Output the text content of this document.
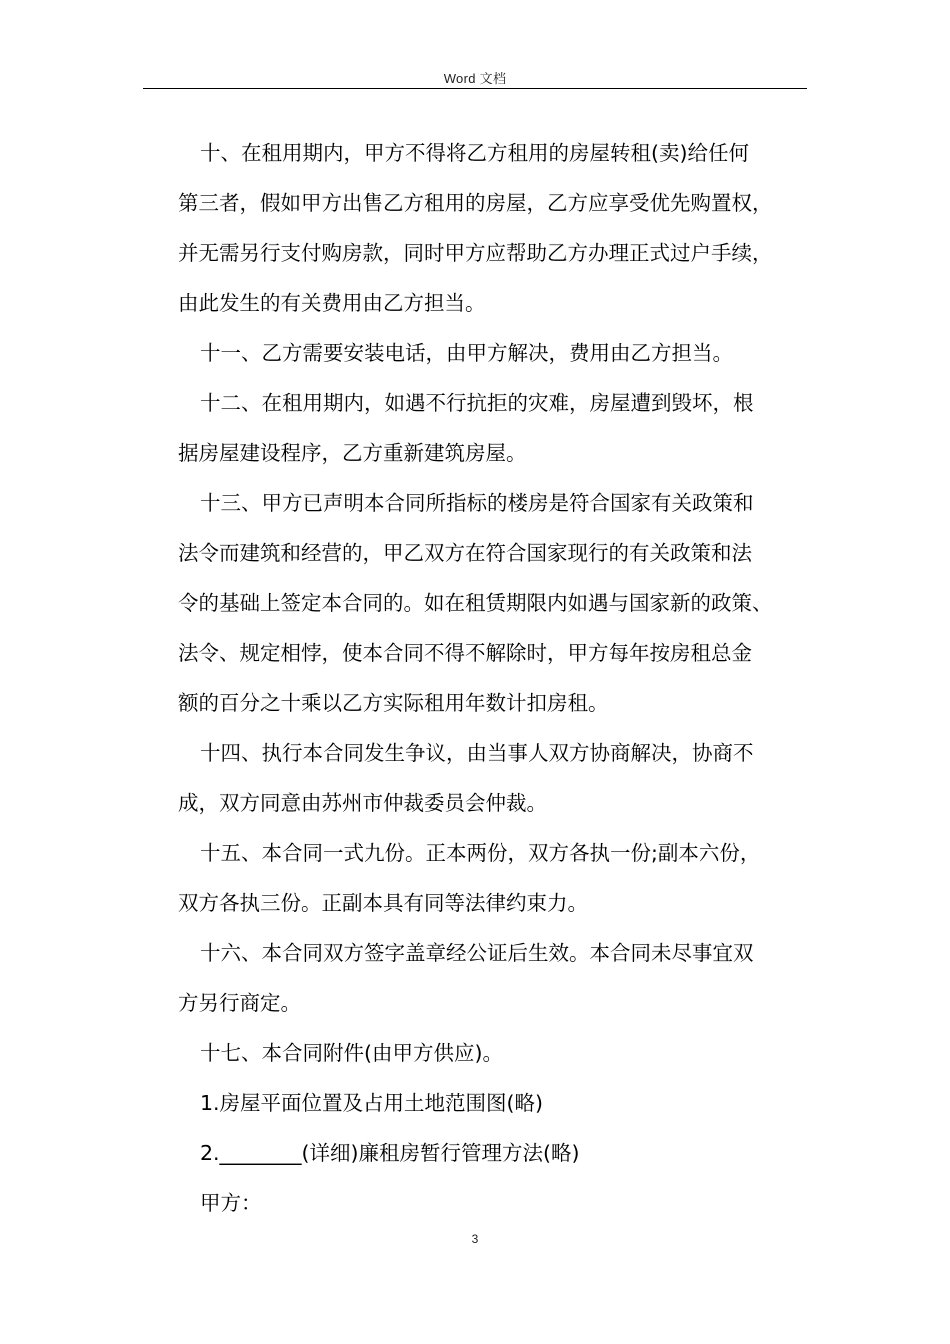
Word 文档
十、在租用期内，甲方不得将乙方租用的房屋转租(卖)给任何
第三者，假如甲方出售乙方租用的房屋，乙方应享受优先购置权，
并无需另行支付购房款，同时甲方应帮助乙方办理正式过户手续，
由此发生的有关费用由乙方担当。
十一、乙方需要安装电话，由甲方解决，费用由乙方担当。
十二、在租用期内，如遇不行抗拒的灾难，房屋遭到毁坏，根
据房屋建设程序，乙方重新建筑房屋。
十三、甲方已声明本合同所指标的楼房是符合国家有关政策和
法令而建筑和经营的，甲乙双方在符合国家现行的有关政策和法
令的基础上签定本合同的。如在租赁期限内如遇与国家新的政策、
法令、规定相悖，使本合同不得不解除时，甲方每年按房租总金
额的百分之十乘以乙方实际租用年数计扣房租。
十四、执行本合同发生争议，由当事人双方协商解决，协商不
成，双方同意由苏州市仲裁委员会仲裁。
十五、本合同一式九份。正本两份，双方各执一份;副本六份，
双方各执三份。正副本具有同等法律约束力。
十六、本合同双方签字盖章经公证后生效。本合同未尽事宜双
方另行商定。
十七、本合同附件(由甲方供应)。
1.房屋平面位置及占用土地范围图(略)
2.________(详细)廉租房暂行管理方法(略)
甲方：
3
